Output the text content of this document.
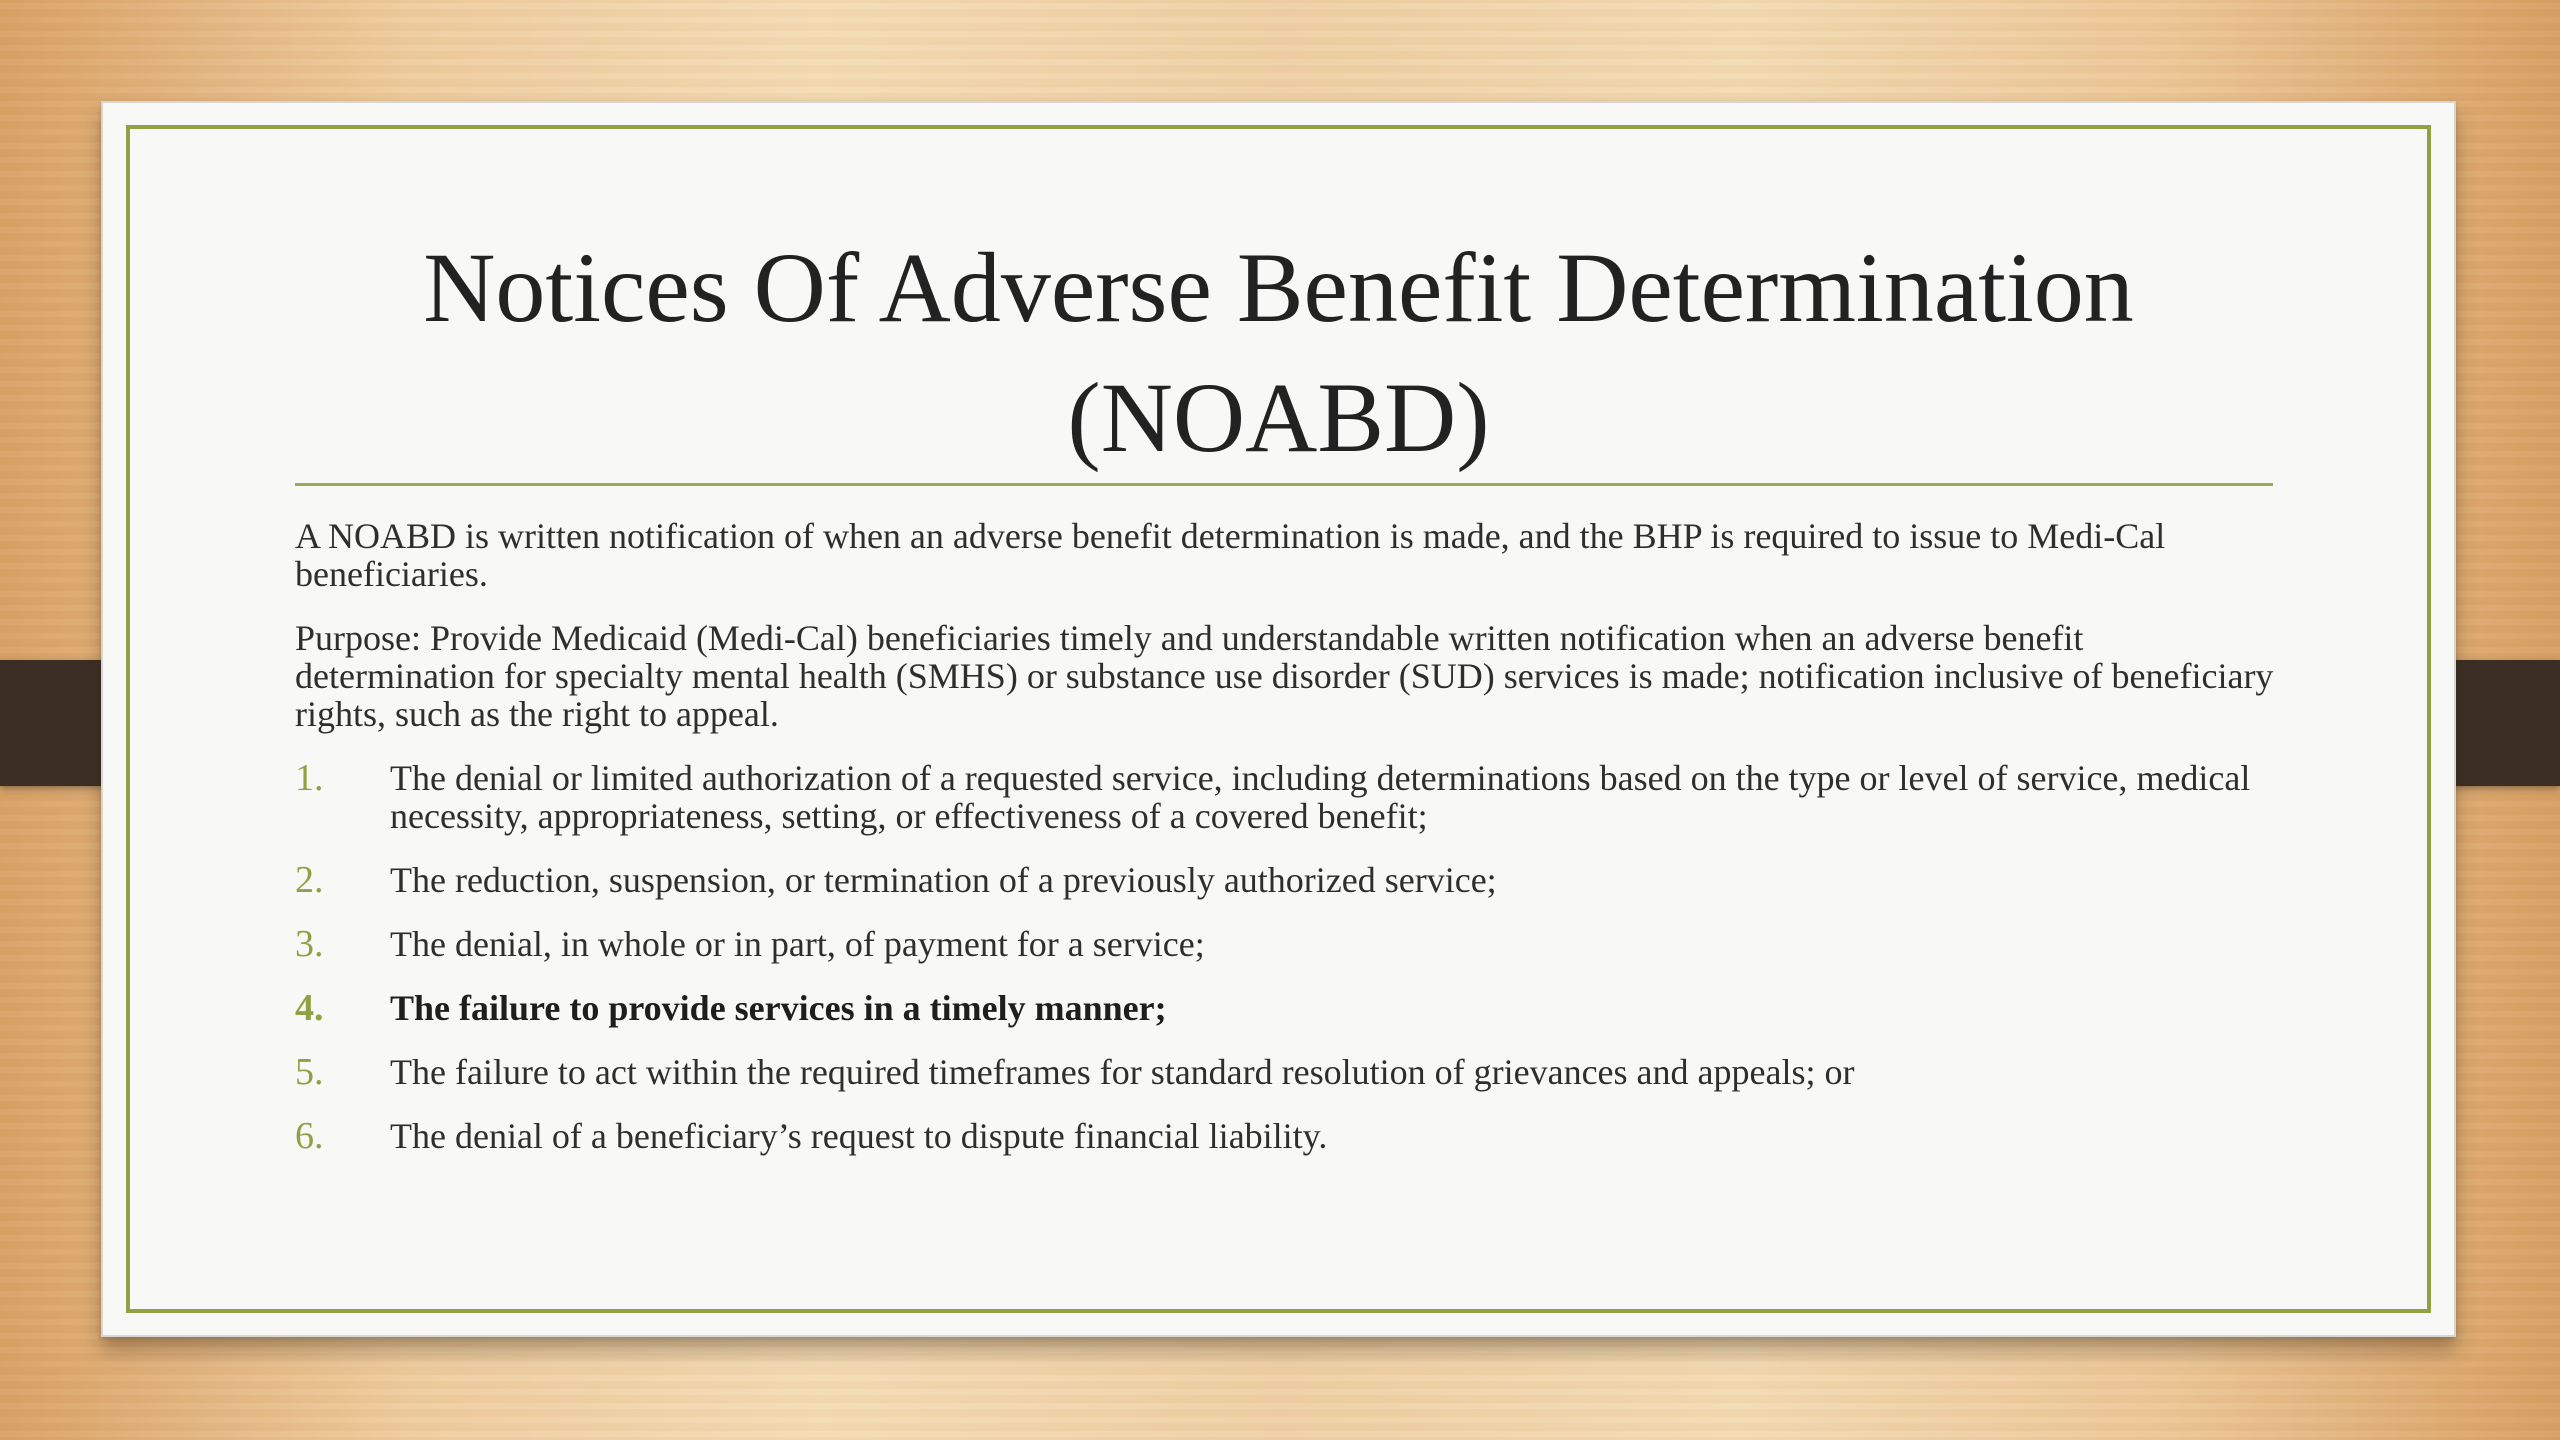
Notices Of Adverse Benefit Determination
(NOABD)

A NOABD is written notification of when an adverse benefit determination is made, and the BHP is required to issue to Medi-Cal beneficiaries.

Purpose: Provide Medicaid (Medi-Cal) beneficiaries timely and understandable written notification when an adverse benefit determination for specialty mental health (SMHS) or substance use disorder (SUD) services is made; notification inclusive of beneficiary rights, such as the right to appeal.

1.	The denial or limited authorization of a requested service, including determinations based on the type or level of service, medical necessity, appropriateness, setting, or effectiveness of a covered benefit;
2.	The reduction, suspension, or termination of a previously authorized service;
3.	The denial, in whole or in part, of payment for a service;
4.	The failure to provide services in a timely manner;
5.	The failure to act within the required timeframes for standard resolution of grievances and appeals; or
6.	The denial of a beneficiary’s request to dispute financial liability.
